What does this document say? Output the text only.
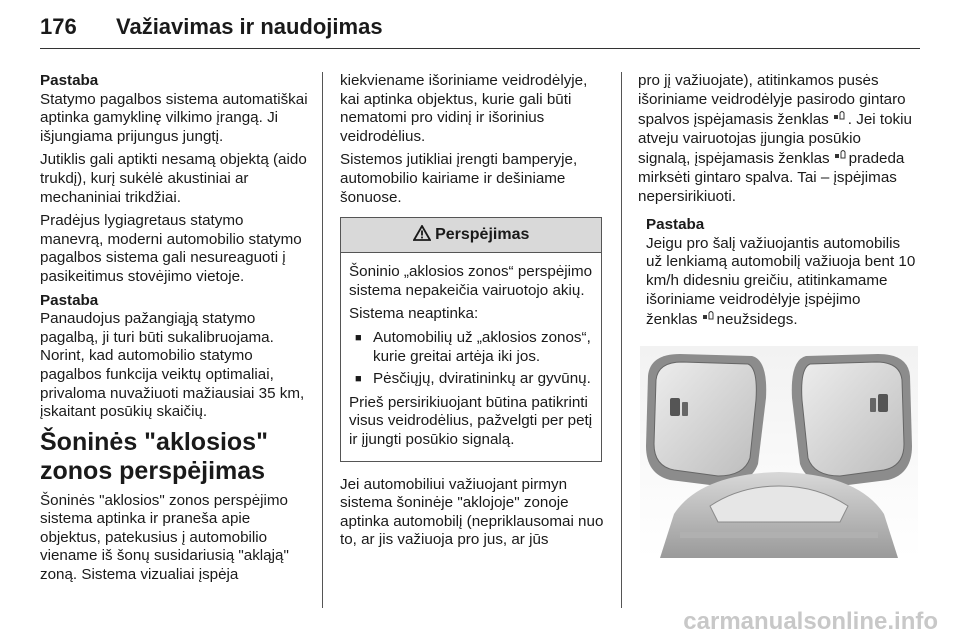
176 Važiavimas ir naudojimas

Pastaba

Statymo pagalbos sistema automatiškai aptinka gamyklinę vilkimo įrangą. Ji išjungiama prijungus jungtį.

Jutiklis gali aptikti nesamą objektą (aido trukdį), kurį sukėlė akustiniai ar mechaniniai trikdžiai.

Pradėjus lygiagretaus statymo manevrą, moderni automobilio statymo pagalbos sistema gali nesureaguoti į pasikeitimus stovėjimo vietoje.

Pastaba

Panaudojus pažangiąją statymo pagalbą, ji turi būti sukalibruojama. Norint, kad automobilio statymo pagalbos funkcija veiktų optimaliai, privaloma nuvažiuoti mažiausiai 35 km, įskaitant posūkių skaičių.

Šoninės "aklosios" zonos perspėjimas

Šoninės "aklosios" zonos perspėjimo sistema aptinka ir praneša apie objektus, patekusius į automobilio viename iš šonų susidariusią "akląją" zoną. Sistema vizualiai įspėja

kiekviename išoriniame veidrodėlyje, kai aptinka objektus, kurie gali būti nematomi pro vidinį ir išorinius veidrodėlius.

Sistemos jutikliai įrengti bamperyje, automobilio kairiame ir dešiniame šonuose.

Perspėjimas

Šoninio „aklosios zonos“ perspėjimo sistema nepakeičia vairuotojo akių.

Sistema neaptinka:

■ Automobilių už „aklosios zonos“, kurie greitai artėja iki jos.
■ Pėsčiųjų, dviratininkų ar gyvūnų.

Prieš persirikiuojant būtina patikrinti visus veidrodėlius, pažvelgti per petį ir įjungti posūkio signalą.

Jei automobiliui važiuojant pirmyn sistema šoninėje "aklojoje" zonoje aptinka automobilį (nepriklausomai nuo to, ar jis važiuoja pro jus, ar jūs

pro jį važiuojate), atitinkamos pusės išoriniame veidrodėlyje pasirodo gintaro spalvos įspėjamasis ženklas . Jei tokiu atveju vairuotojas įjungia posūkio signalą, įspėjamasis ženklas pradeda mirksėti gintaro spalva. Tai – įspėjimas nepersirikiuoti.

Pastaba

Jeigu pro šalį važiuojantis automobilis už lenkiamą automobilį važiuoja bent 10 km/h didesniu greičiu, atitinkamame išoriniame veidrodėlyje įspėjimo ženklas neužsidegs.

carmanualsonline.info
